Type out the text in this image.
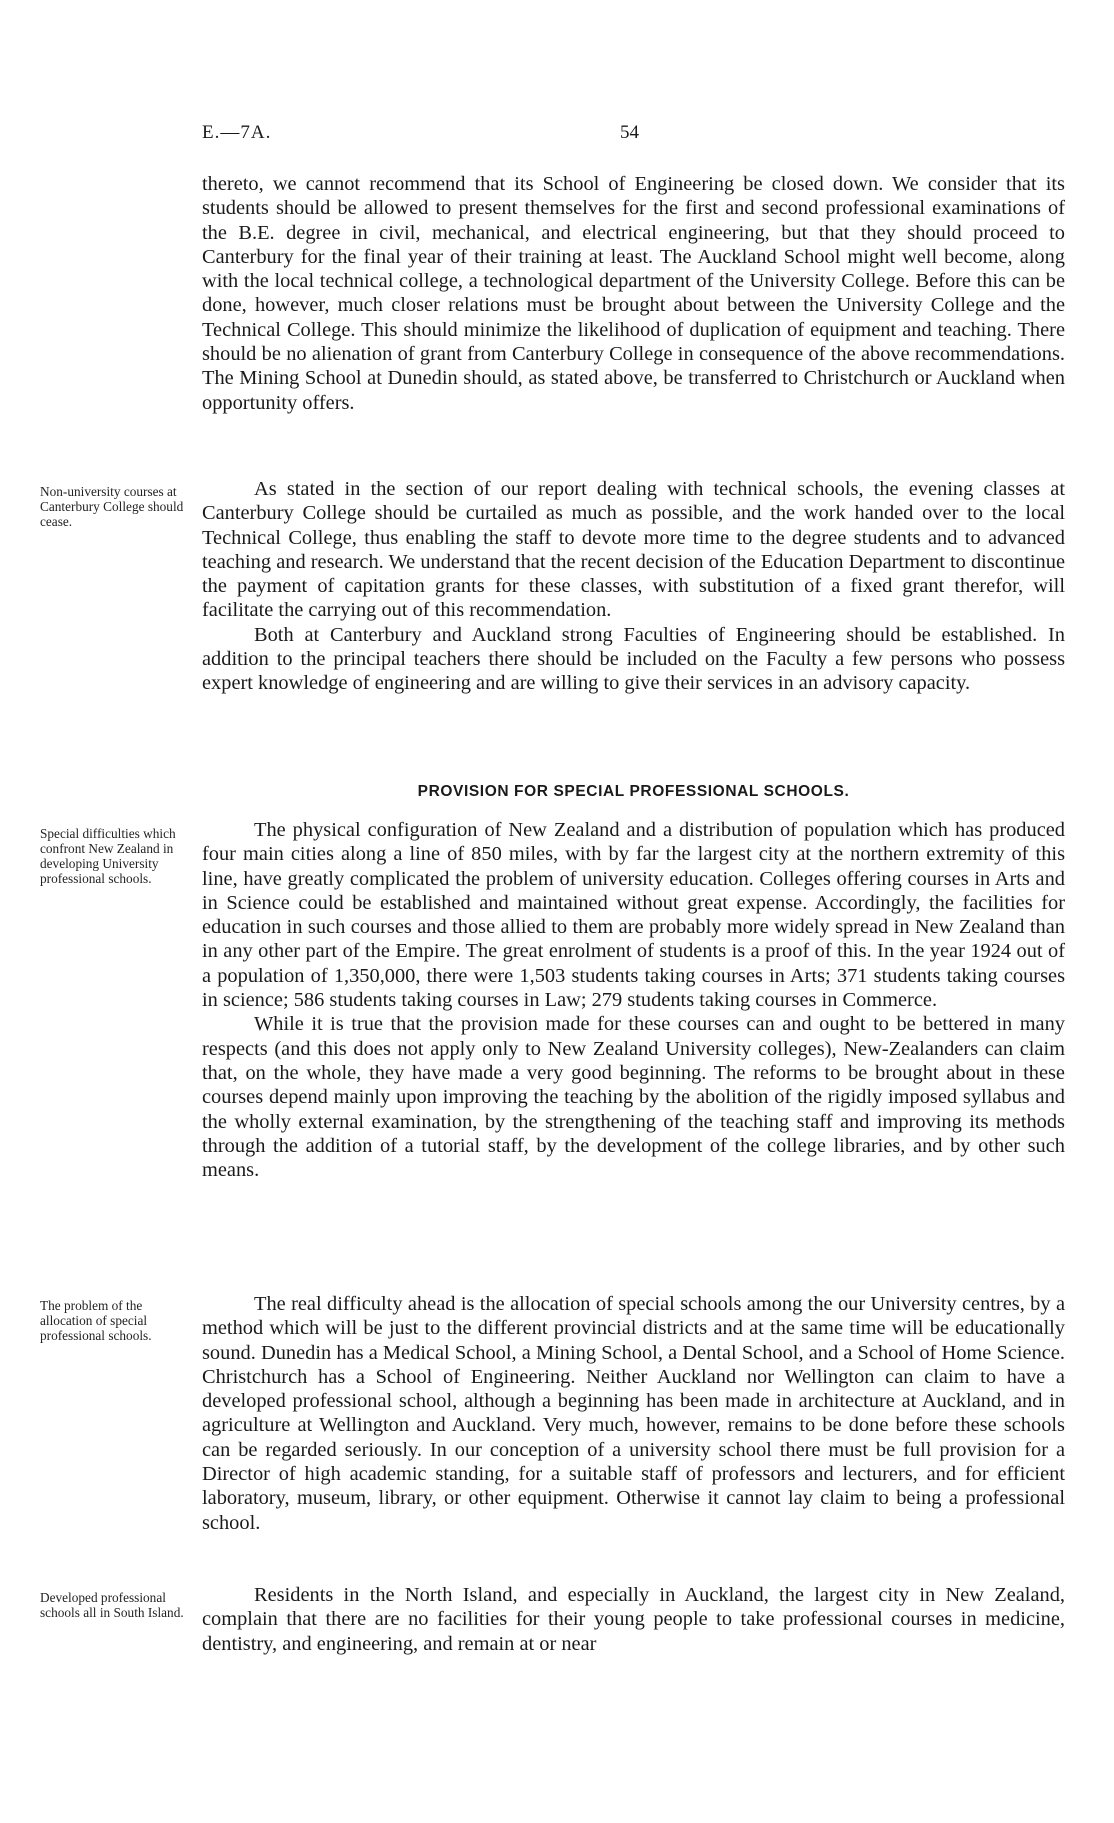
E.—7A.	54

thereto, we cannot recommend that its School of Engineering be closed down. We consider that its students should be allowed to present themselves for the first and second professional examinations of the B.E. degree in civil, mechanical, and electrical engineering, but that they should proceed to Canterbury for the final year of their training at least. The Auckland School might well become, along with the local technical college, a technological department of the University College. Before this can be done, however, much closer relations must be brought about between the University College and the Technical College. This should minimize the likelihood of duplication of equipment and teaching. There should be no alienation of grant from Canterbury College in consequence of the above recommendations. The Mining School at Dunedin should, as stated above, be transferred to Christchurch or Auckland when opportunity offers.

As stated in the section of our report dealing with technical schools, the evening classes at Canterbury College should be curtailed as much as possible, and the work handed over to the local Technical College, thus enabling the staff to devote more time to the degree students and to advanced teaching and research. We understand that the recent decision of the Education Department to discontinue the payment of capitation grants for these classes, with substitution of a fixed grant therefor, will facilitate the carrying out of this recommendation.

Both at Canterbury and Auckland strong Faculties of Engineering should be established. In addition to the principal teachers there should be included on the Faculty a few persons who possess expert knowledge of engineering and are willing to give their services in an advisory capacity.

PROVISION FOR SPECIAL PROFESSIONAL SCHOOLS.

The physical configuration of New Zealand and a distribution of population which has produced four main cities along a line of 850 miles, with by far the largest city at the northern extremity of this line, have greatly complicated the problem of university education. Colleges offering courses in Arts and in Science could be established and maintained without great expense. Accordingly, the facilities for education in such courses and those allied to them are probably more widely spread in New Zealand than in any other part of the Empire. The great enrolment of students is a proof of this. In the year 1924 out of a population of 1,350,000, there were 1,503 students taking courses in Arts; 371 students taking courses in science; 586 students taking courses in Law; 279 students taking courses in Commerce.

While it is true that the provision made for these courses can and ought to be bettered in many respects (and this does not apply only to New Zealand University colleges), New-Zealanders can claim that, on the whole, they have made a very good beginning. The reforms to be brought about in these courses depend mainly upon improving the teaching by the abolition of the rigidly imposed syllabus and the wholly external examination, by the strengthening of the teaching staff and improving its methods through the addition of a tutorial staff, by the development of the college libraries, and by other such means.

The real difficulty ahead is the allocation of special schools among the our University centres, by a method which will be just to the different provincial districts and at the same time will be educationally sound. Dunedin has a Medical School, a Mining School, a Dental School, and a School of Home Science. Christchurch has a School of Engineering. Neither Auckland nor Wellington can claim to have a developed professional school, although a beginning has been made in architecture at Auckland, and in agriculture at Wellington and Auckland. Very much, however, remains to be done before these schools can be regarded seriously. In our conception of a university school there must be full provision for a Director of high academic standing, for a suitable staff of professors and lecturers, and for efficient laboratory, museum, library, or other equipment. Otherwise it cannot lay claim to being a professional school.

Residents in the North Island, and especially in Auckland, the largest city in New Zealand, complain that there are no facilities for their young people to take professional courses in medicine, dentistry, and engineering, and remain at or near

Non-university courses at Canterbury College should cease.
Special difficulties which confront New Zealand in developing University professional schools.
The problem of the allocation of special professional schools.
Developed professional schools all in South Island.
